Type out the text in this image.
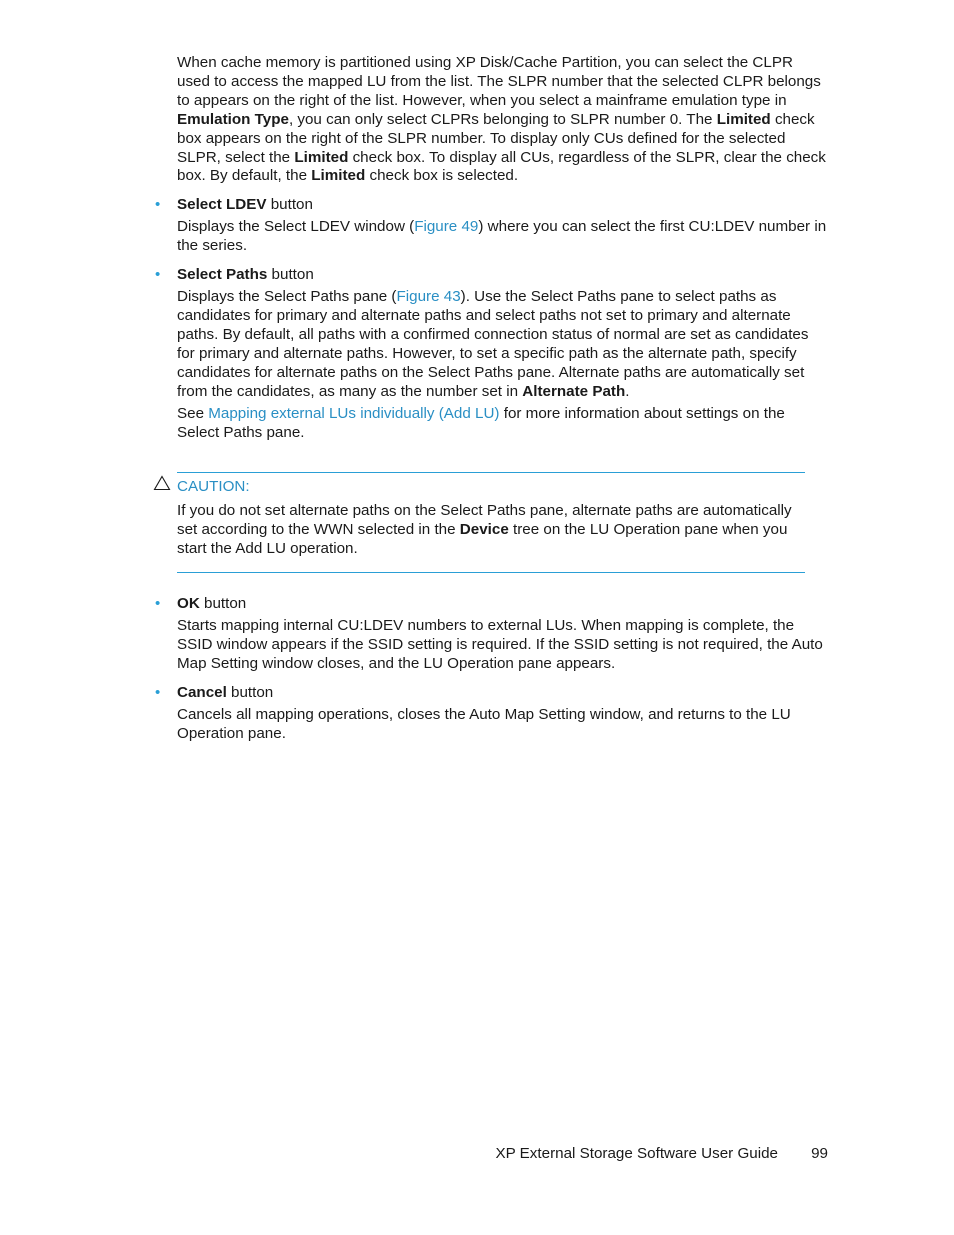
When cache memory is partitioned using XP Disk/Cache Partition, you can select the CLPR used to access the mapped LU from the list. The SLPR number that the selected CLPR belongs to appears on the right of the list. However, when you select a mainframe emulation type in Emulation Type, you can only select CLPRs belonging to SLPR number 0. The Limited check box appears on the right of the SLPR number. To display only CUs defined for the selected SLPR, select the Limited check box. To display all CUs, regardless of the SLPR, clear the check box. By default, the Limited check box is selected.

• Select LDEV button

Displays the Select LDEV window (Figure 49) where you can select the first CU:LDEV number in the series.

• Select Paths button

Displays the Select Paths pane (Figure 43). Use the Select Paths pane to select paths as candidates for primary and alternate paths and select paths not set to primary and alternate paths. By default, all paths with a confirmed connection status of normal are set as candidates for primary and alternate paths. However, to set a specific path as the alternate path, specify candidates for alternate paths on the Select Paths pane. Alternate paths are automatically set from the candidates, as many as the number set in Alternate Path.

See Mapping external LUs individually (Add LU) for more information about settings on the Select Paths pane.

CAUTION:

If you do not set alternate paths on the Select Paths pane, alternate paths are automatically set according to the WWN selected in the Device tree on the LU Operation pane when you start the Add LU operation.

• OK button

Starts mapping internal CU:LDEV numbers to external LUs. When mapping is complete, the SSID window appears if the SSID setting is required. If the SSID setting is not required, the Auto Map Setting window closes, and the LU Operation pane appears.

• Cancel button

Cancels all mapping operations, closes the Auto Map Setting window, and returns to the LU Operation pane.

XP External Storage Software User Guide 99
